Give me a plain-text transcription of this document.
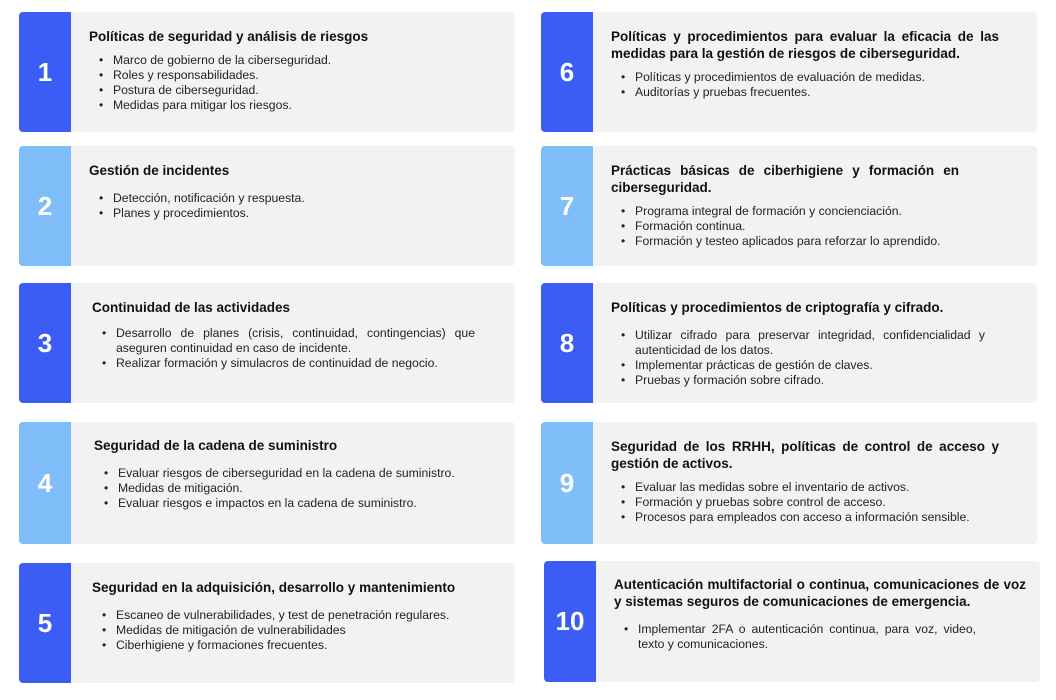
1
Políticas de seguridad y análisis de riesgos
• Marco de gobierno de la ciberseguridad.
• Roles y responsabilidades.
• Postura de ciberseguridad.
• Medidas para mitigar los riesgos.
2
Gestión de incidentes
• Detección, notificación y respuesta.
• Planes y procedimientos.
3
Continuidad de las actividades
• Desarrollo de planes (crisis, continuidad, contingencias) que aseguren continuidad en caso de incidente.
• Realizar formación y simulacros de continuidad de negocio.
4
Seguridad de la cadena de suministro
• Evaluar riesgos de ciberseguridad en la cadena de suministro.
• Medidas de mitigación.
• Evaluar riesgos e impactos en la cadena de suministro.
5
Seguridad en la adquisición, desarrollo y mantenimiento
• Escaneo de vulnerabilidades, y test de penetración regulares.
• Medidas de mitigación de vulnerabilidades
• Ciberhigiene y formaciones frecuentes.
6
Políticas y procedimientos para evaluar la eficacia de las medidas para la gestión de riesgos de ciberseguridad.
• Políticas y procedimientos de evaluación de medidas.
• Auditorías y pruebas frecuentes.
7
Prácticas básicas de ciberhigiene y formación en ciberseguridad.
• Programa integral de formación y concienciación.
• Formación continua.
• Formación y testeo aplicados para reforzar lo aprendido.
8
Políticas y procedimientos de criptografía y cifrado.
• Utilizar cifrado para preservar integridad, confidencialidad y autenticidad de los datos.
• Implementar prácticas de gestión de claves.
• Pruebas y formación sobre cifrado.
9
Seguridad de los RRHH, políticas de control de acceso y gestión de activos.
• Evaluar las medidas sobre el inventario de activos.
• Formación y pruebas sobre control de acceso.
• Procesos para empleados con acceso a información sensible.
10
Autenticación multifactorial o continua, comunicaciones de voz y sistemas seguros de comunicaciones de emergencia.
• Implementar 2FA o autenticación continua, para voz, video, texto y comunicaciones.
